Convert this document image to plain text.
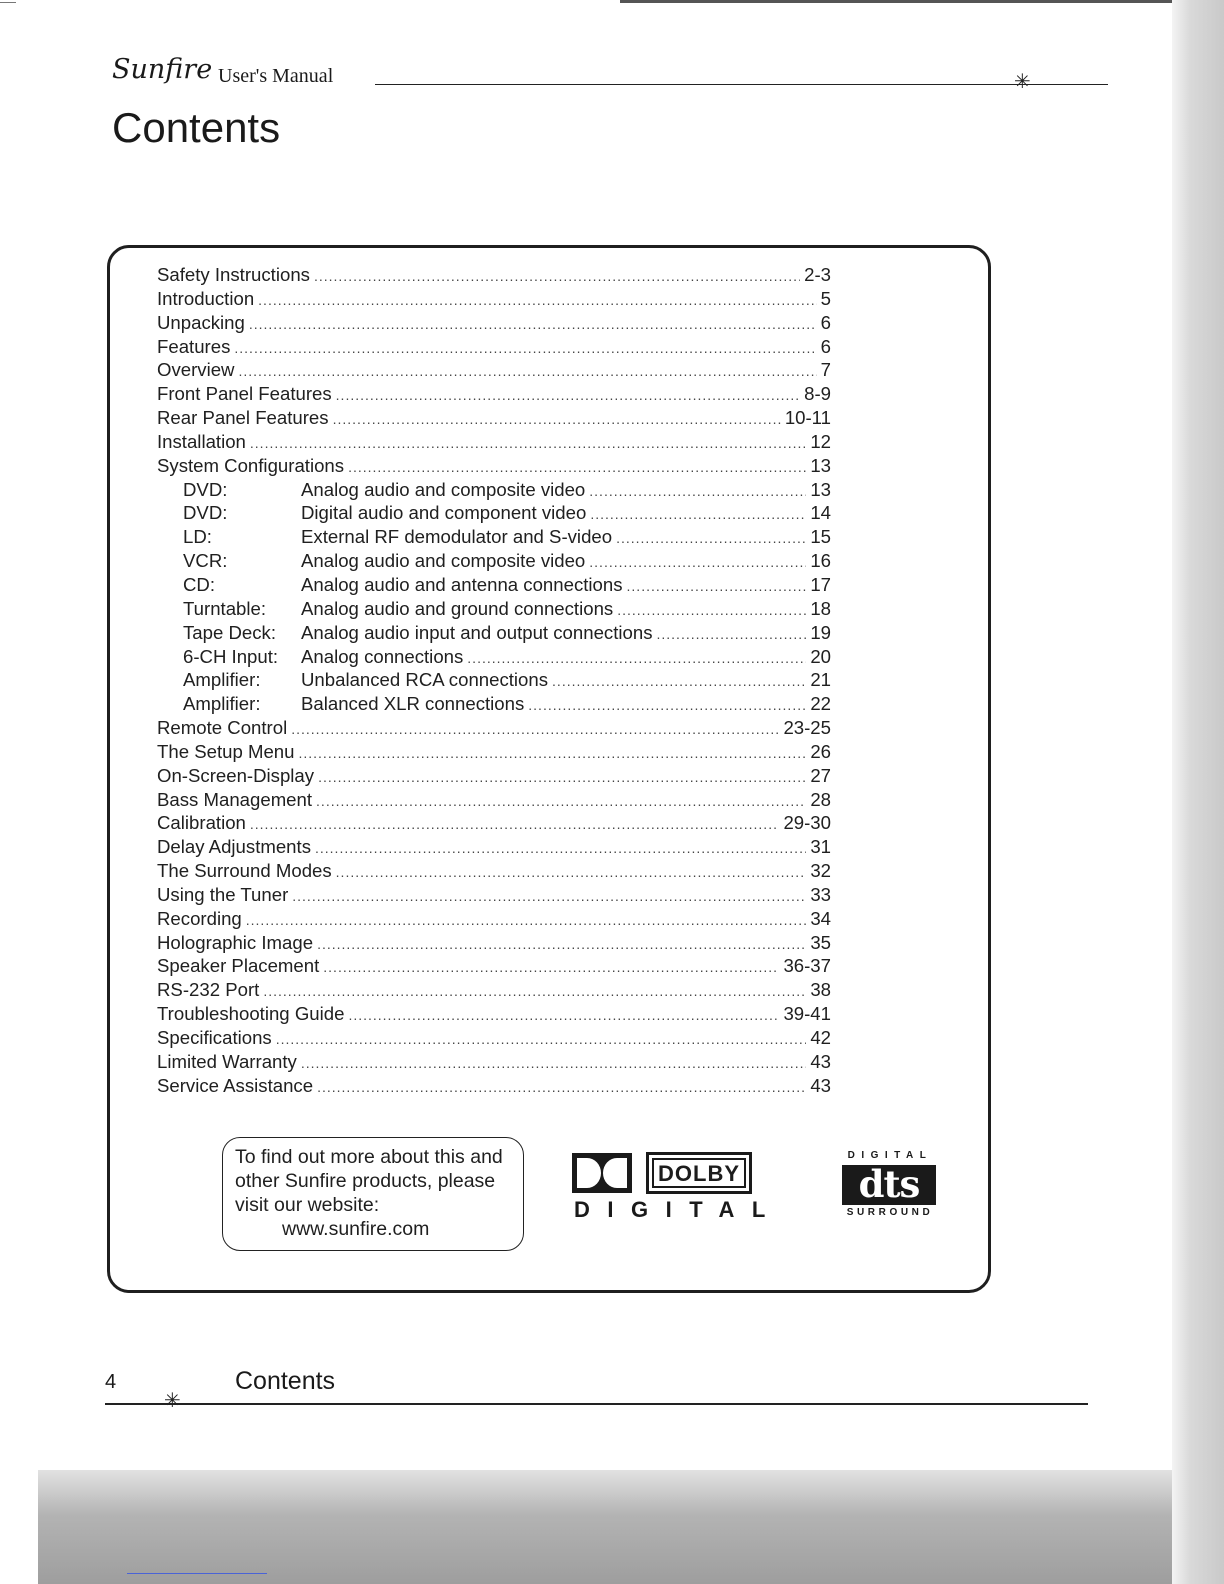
Sunfire User's Manual	✳
Contents
Safety Instructions .....	2-3
Introduction .....	5
Unpacking .....	6
Features .....	6
Overview .....	7
Front Panel Features .....	8-9
Rear Panel Features .....	10-11
Installation .....	12
System Configurations .....	13
DVD:	Analog audio and composite video .....	13
DVD:	Digital audio and component video .....	14
LD:	External RF demodulator and S-video .....	15
VCR:	Analog audio and composite video .....	16
CD:	Analog audio and antenna connections .....	17
Turntable:	Analog audio and ground connections .....	18
Tape Deck:	Analog audio input and output connections .....	19
6-CH Input:	Analog connections .....	20
Amplifier:	Unbalanced RCA connections .....	21
Amplifier:	Balanced XLR connections .....	22
Remote Control .....	23-25
The Setup Menu .....	26
On-Screen-Display .....	27
Bass Management .....	28
Calibration .....	29-30
Delay Adjustments .....	31
The Surround Modes .....	32
Using the Tuner .....	33
Recording .....	34
Holographic Image .....	35
Speaker Placement .....	36-37
RS-232 Port .....	38
Troubleshooting Guide .....	39-41
Specifications .....	42
Limited Warranty .....	43
Service Assistance .....	43
To find out more about this and
other Sunfire products, please
visit our website:
www.sunfire.com
DOLBY
DIGITAL
DIGITAL
dts
SURROUND
4	Contents
✳
